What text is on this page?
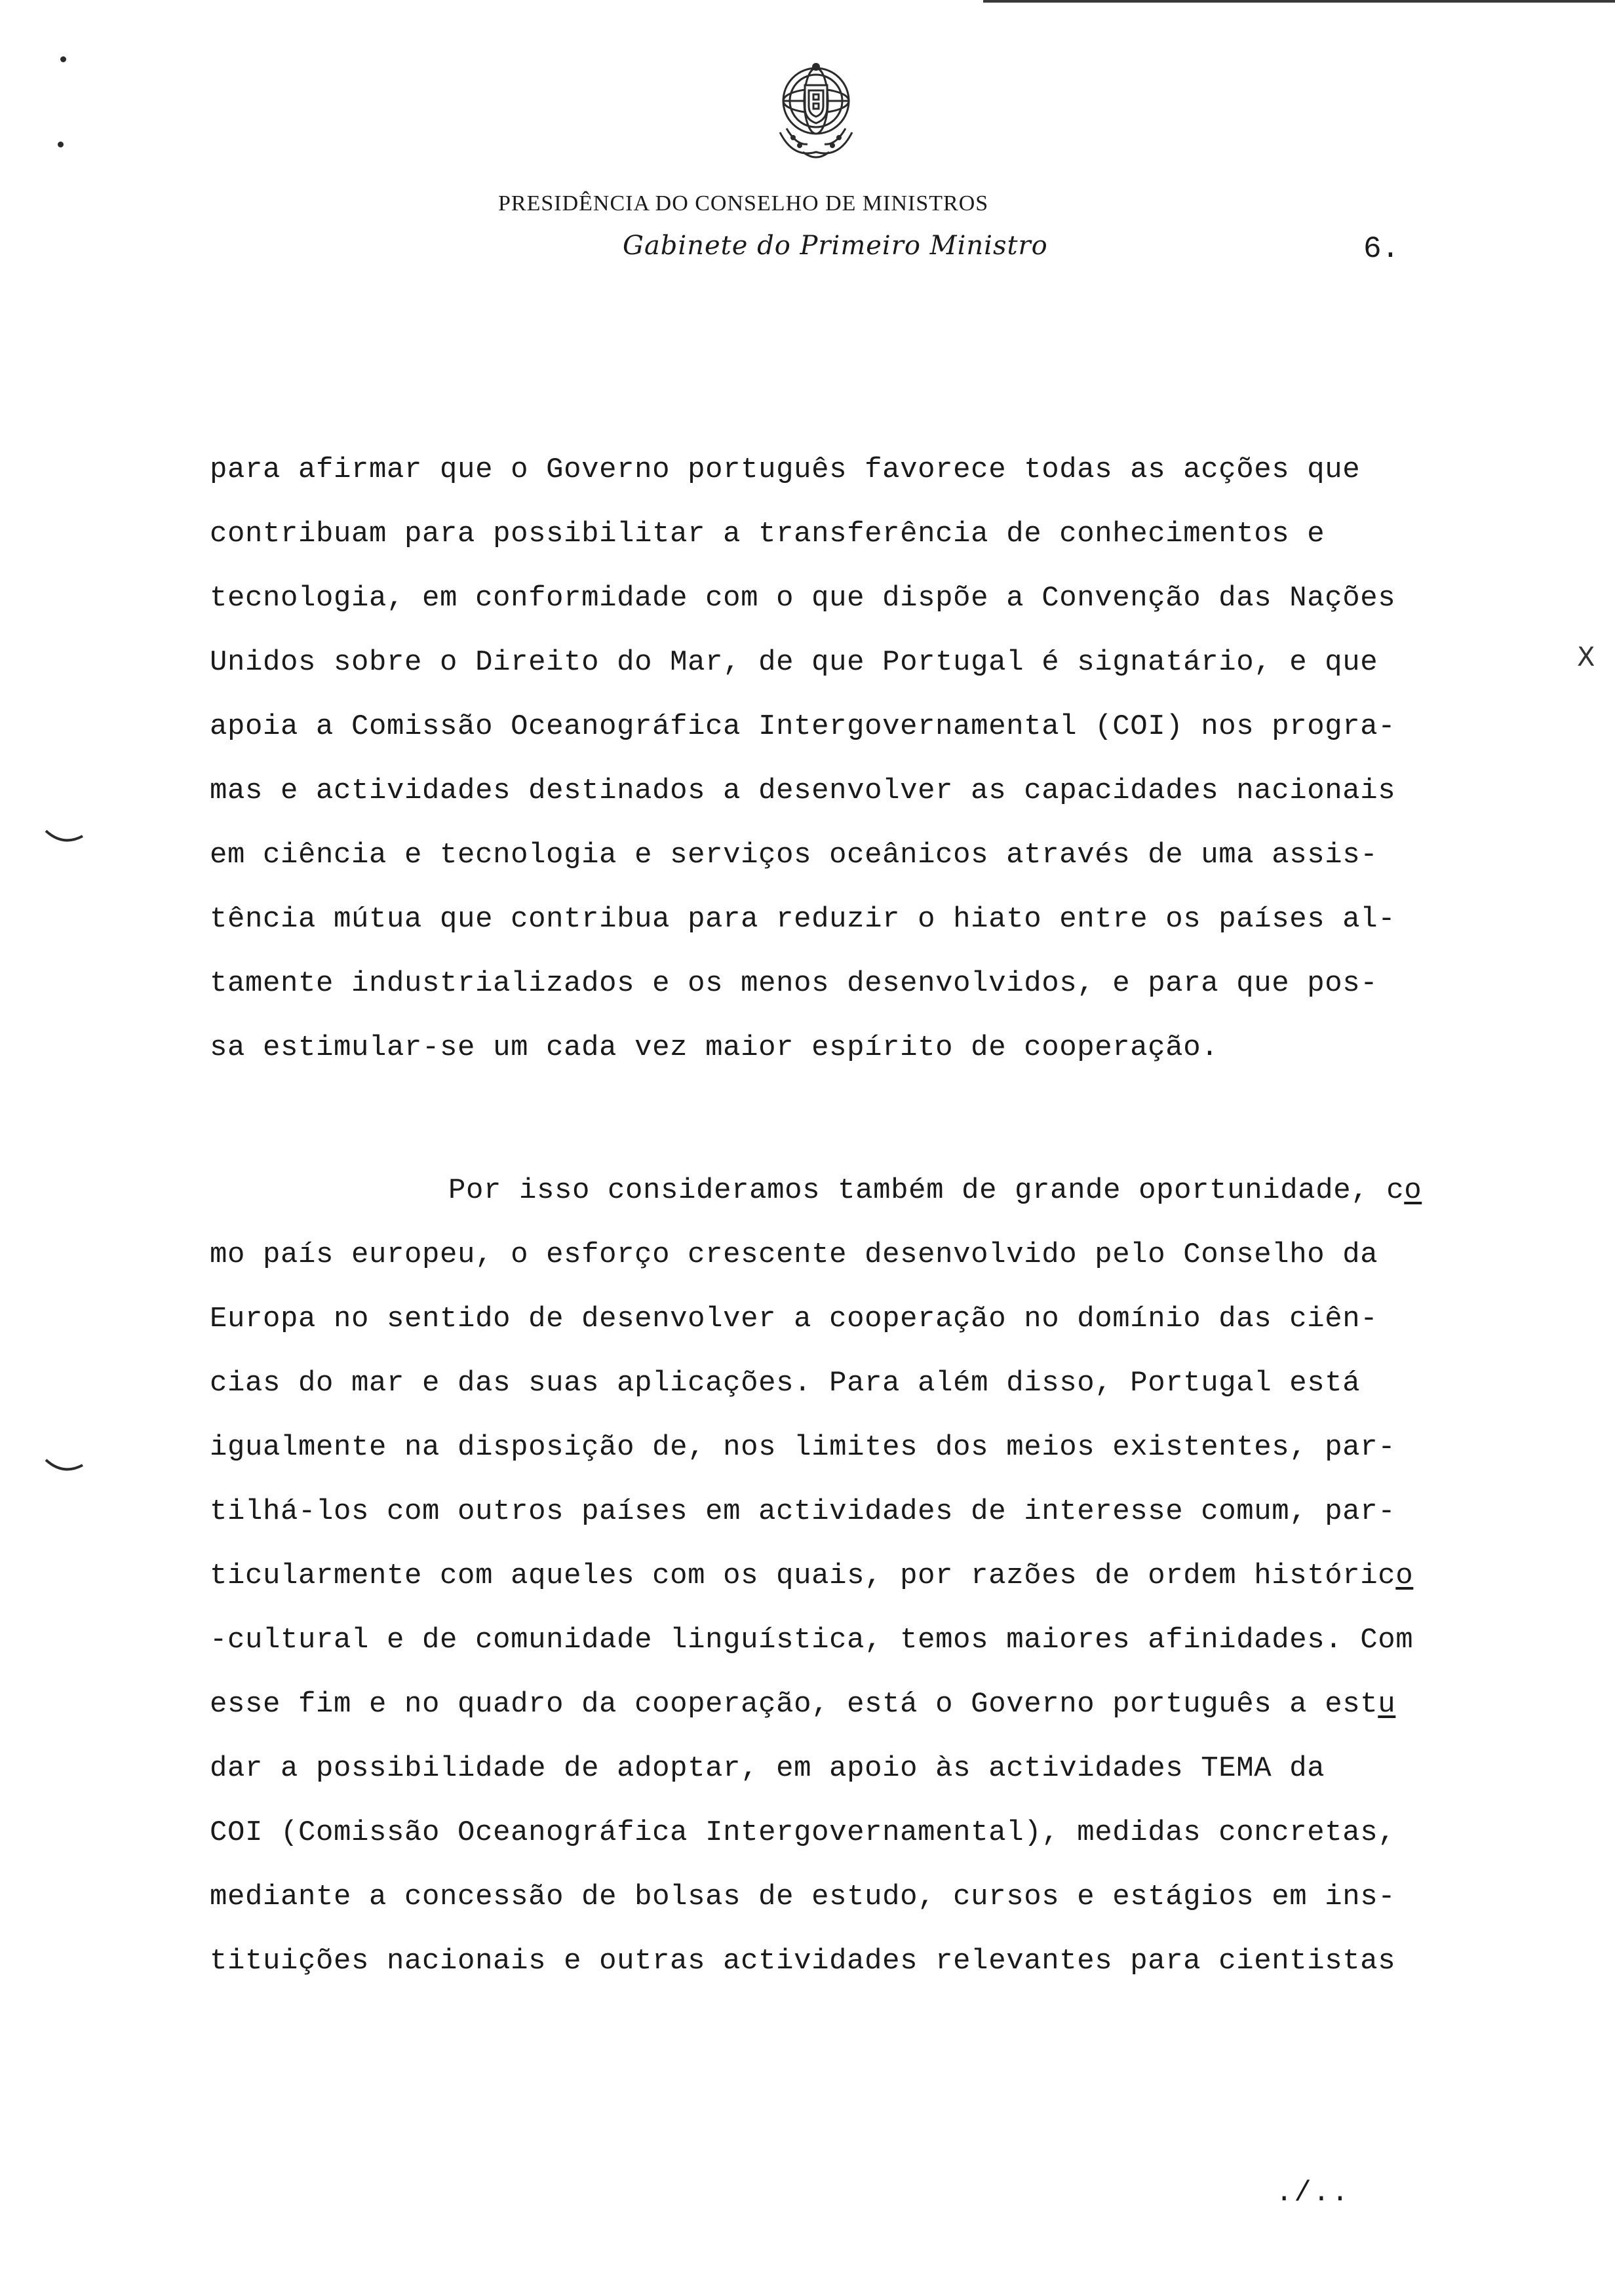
PRESIDÊNCIA DO CONSELHO DE MINISTROS
Gabinete do Primeiro Ministro	6.
X
para afirmar que o Governo português favorece todas as acções que
contribuam para possibilitar a transferência de conhecimentos e
tecnologia, em conformidade com o que dispõe a Convenção das Nações
Unidos sobre o Direito do Mar, de que Portugal é signatário, e que
apoia a Comissão Oceanográfica Intergovernamental (COI) nos progra-
mas e actividades destinados a desenvolver as capacidades nacionais
em ciência e tecnologia e serviços oceânicos através de uma assis-
tência mútua que contribua para reduzir o hiato entre os países al-
tamente industrializados e os menos desenvolvidos, e para que pos-
sa estimular-se um cada vez maior espírito de cooperação.
Por isso consideramos também de grande oportunidade, co
mo país europeu, o esforço crescente desenvolvido pelo Conselho da
Europa no sentido de desenvolver a cooperação no domínio das ciên-
cias do mar e das suas aplicações. Para além disso, Portugal está
igualmente na disposição de, nos limites dos meios existentes, par-
tilhá-los com outros países em actividades de interesse comum, par-
ticularmente com aqueles com os quais, por razões de ordem histórico
-cultural e de comunidade linguística, temos maiores afinidades. Com
esse fim e no quadro da cooperação, está o Governo português a estu
dar a possibilidade de adoptar, em apoio às actividades TEMA da
COI (Comissão Oceanográfica Intergovernamental), medidas concretas,
mediante a concessão de bolsas de estudo, cursos e estágios em ins-
tituições nacionais e outras actividades relevantes para cientistas
./..
